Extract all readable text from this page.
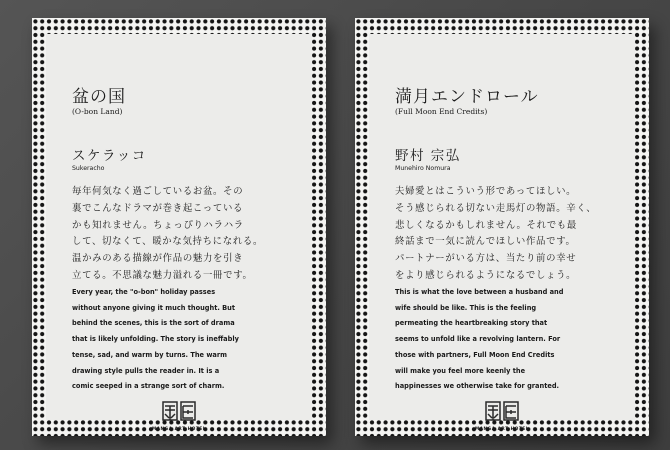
盆の国
(O-bon Land)
スケラッコ
Sukeracho

毎年何気なく過ごしているお盆。その
裏でこんなドラマが巻き起こっている
かも知れません。ちょっぴりハラハラ
して、切なくて、暖かな気持ちになれる。
温かみのある描線が作品の魅力を引き
立てる。不思議な魅力溢れる一冊です。

Every year, the "o-bon" holiday passes
without anyone giving it much thought. But
behind the scenes, this is the sort of drama
that is likely unfolding. The story is ineffably
tense, sad, and warm by turns. The warm
drawing style pulls the reader in. It is a
comic seeped in a strange sort of charm.

MANGA ART HOTEL
満月エンドロール
(Full Moon End Credits)
野村 宗弘
Munehiro Nomura

夫婦愛とはこういう形であってほしい。
そう感じられる切ない走馬灯の物語。辛く、
悲しくなるかもしれません。それでも最
終話まで一気に読んでほしい作品です。
パートナーがいる方は、当たり前の幸せ
をより感じられるようになるでしょう。

This is what the love between a husband and
wife should be like. This is the feeling
permeating the heartbreaking story that
seems to unfold like a revolving lantern. For
those with partners, Full Moon End Credits
will make you feel more keenly the
happinesses we otherwise take for granted.

MANGA ART HOTEL
